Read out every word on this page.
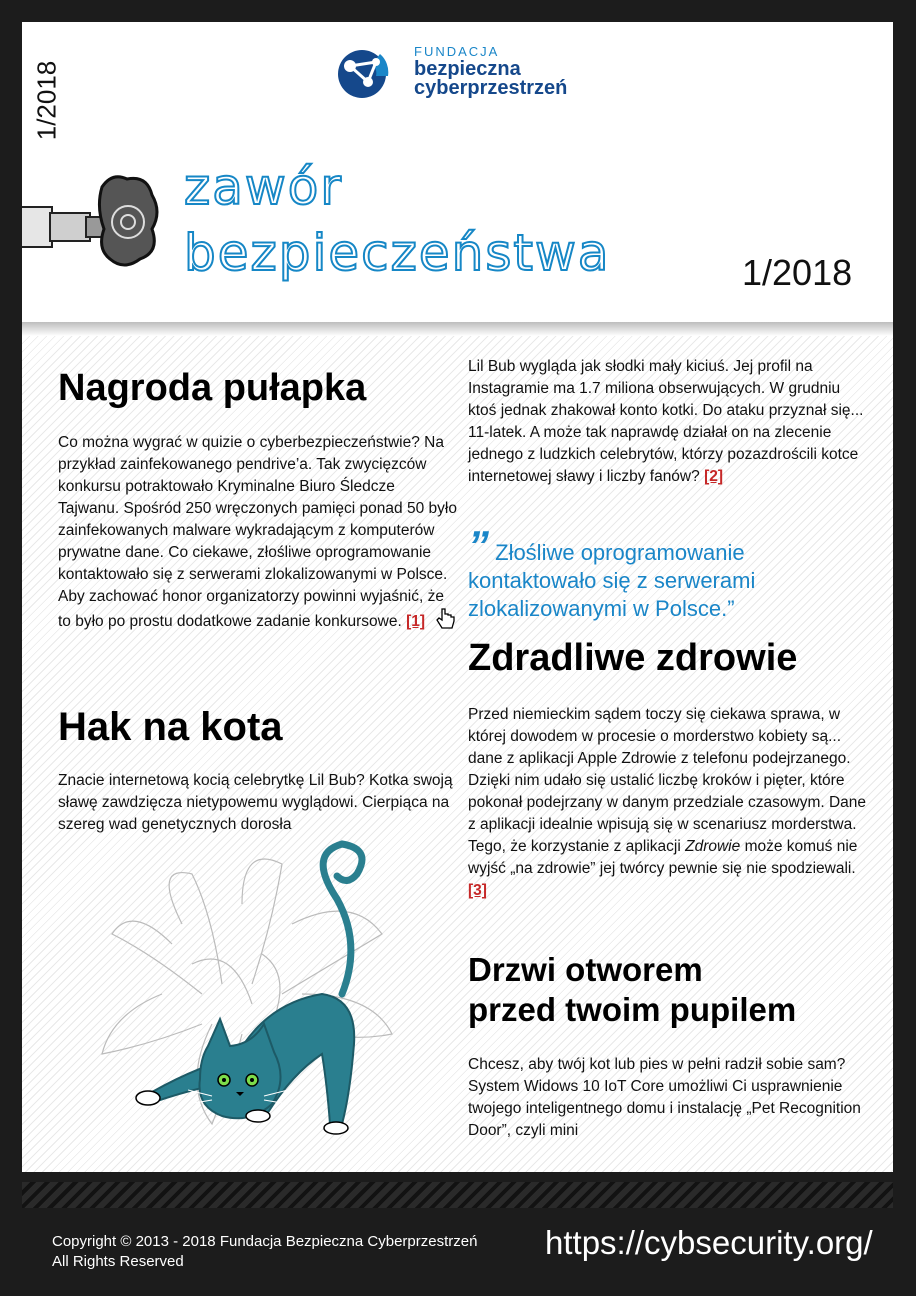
1/2018
FUNDACJA
bezpieczna
cyberprzestrzeń
zawór
bezpieczeństwa	1/2018
Nagroda pułapka

Co można wygrać w quizie o cyberbezpieczeństwie? Na przykład zainfekowanego pendrive’a. Tak zwycięzców konkursu potraktowało Kryminalne Biuro Śledcze Tajwanu. Spośród 250 wręczonych pamięci ponad 50 było zainfekowanych malware wykradającym z komputerów prywatne dane. Co ciekawe, złośliwe oprogramowanie kontaktowało się z serwerami zlokalizowanymi w Polsce. Aby zachować honor organizatorzy powinni wyjaśnić, że to było po prostu dodatkowe zadanie konkursowe. [1]

Hak na kota

Znacie internetową kocią celebrytkę Lil Bub? Kotka swoją sławę zawdzięcza nietypowemu wyglądowi. Cierpiąca na szereg wad genetycznych dorosła

Lil Bub wygląda jak słodki mały kiciuś. Jej profil na Instagramie ma 1.7 miliona obserwujących. W grudniu ktoś jednak zhakował konto kotki. Do ataku przyznał się... 11-latek. A może tak naprawdę działał on na zlecenie jednego z ludzkich celebrytów, którzy pozazdrościli kotce internetowej sławy i liczby fanów? [2]

” Złośliwe oprogramowanie kontaktowało się z serwerami zlokalizowanymi w Polsce.”
Zdradliwe zdrowie

Przed niemieckim sądem toczy się ciekawa sprawa, w której dowodem w procesie o morderstwo kobiety są... dane z aplikacji Apple Zdrowie z telefonu podejrzanego. Dzięki nim udało się ustalić liczbę kroków i pięter, które pokonał podejrzany w danym przedziale czasowym. Dane z aplikacji idealnie wpisują się w scenariusz morderstwa. Tego, że korzystanie z aplikacji Zdrowie może komuś nie wyjść „na zdrowie” jej twórcy pewnie się nie spodziewali. [3]

Drzwi otworem
przed twoim pupilem

Chcesz, aby twój kot lub pies w pełni radził sobie sam? System Widows 10 IoT Core umożliwi Ci usprawnienie twojego inteligentnego domu i instalację „Pet Recognition Door”, czyli mini

Copyright © 2013 - 2018 Fundacja Bezpieczna Cyberprzestrzeń
All Rights Reserved
https://cybsecurity.org/
